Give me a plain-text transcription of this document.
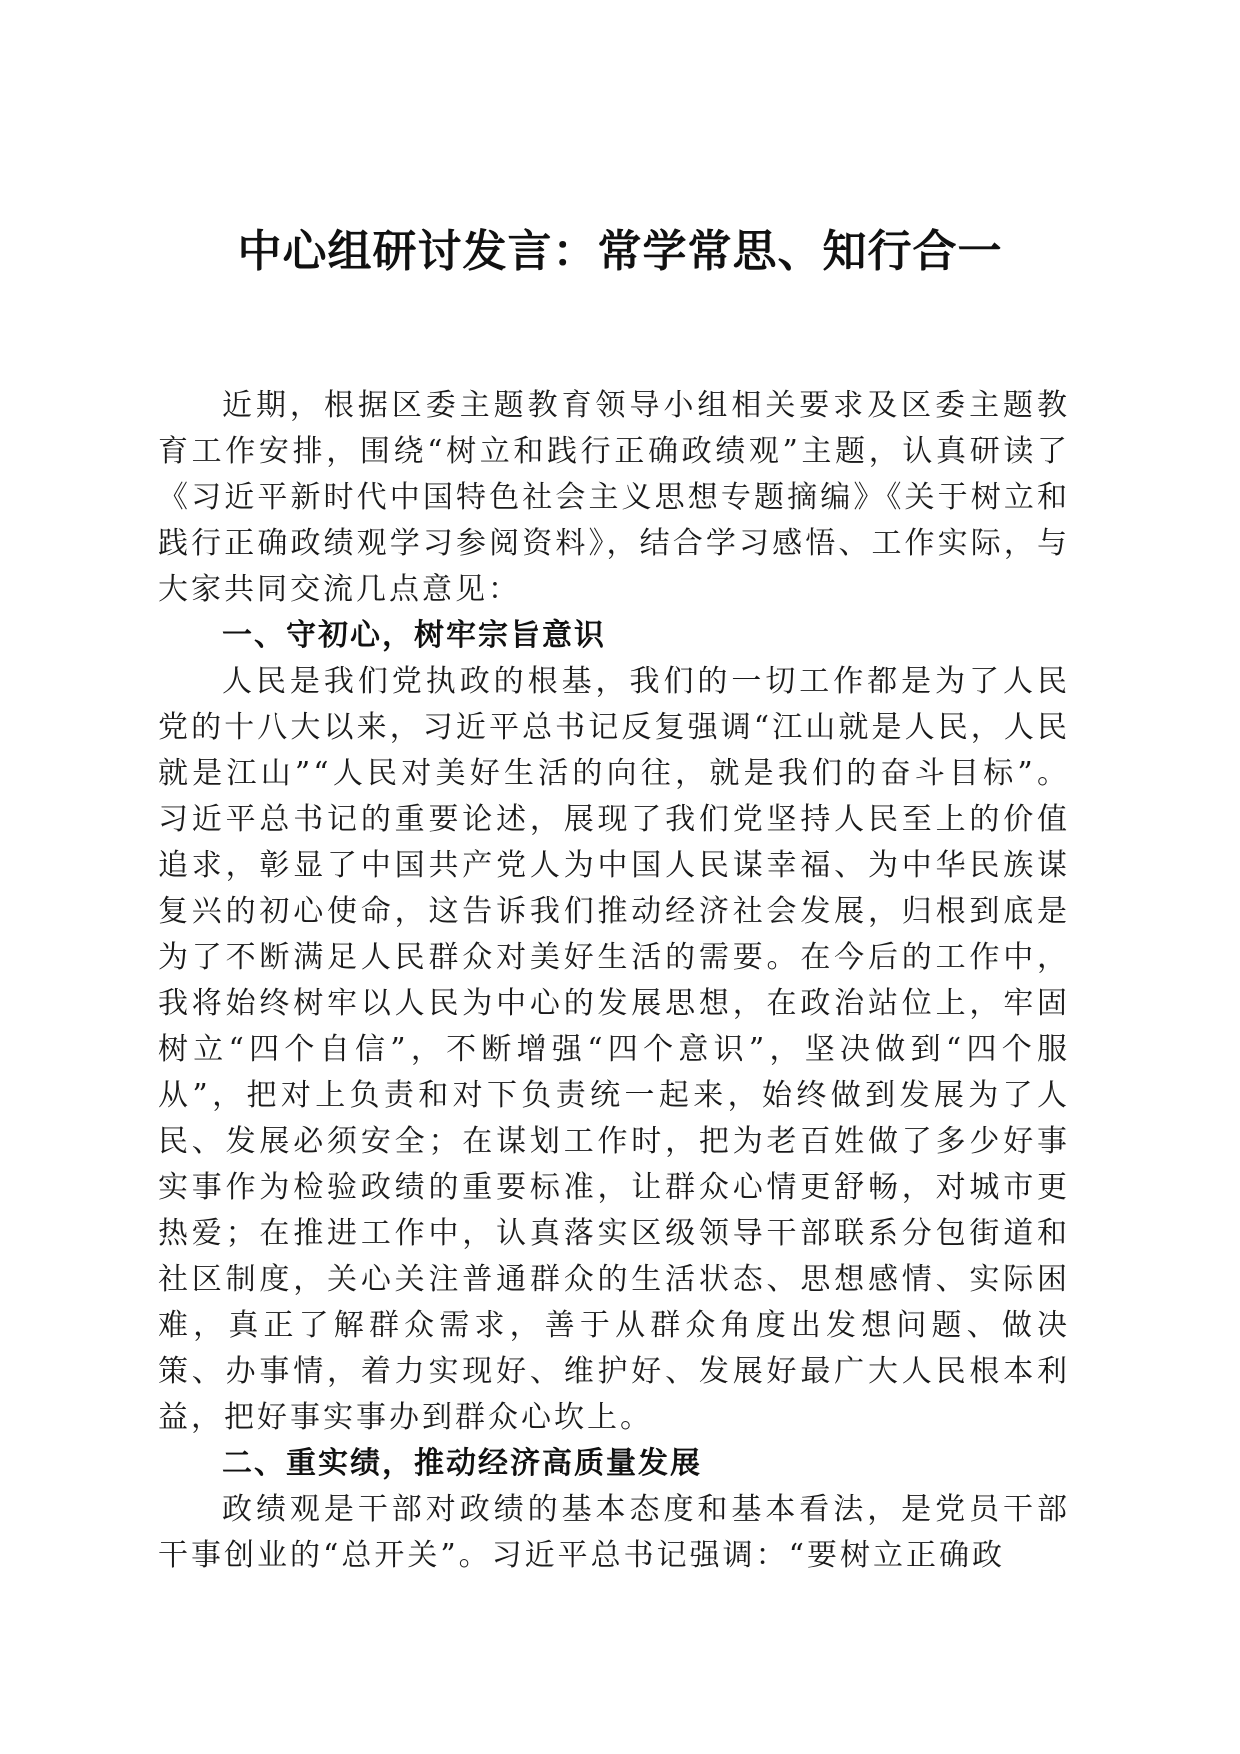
中心组研讨发言：常学常思、知行合一

近期，根据区委主题教育领导小组相关要求及区委主题教育工作安排，围绕“树立和践行正确政绩观”主题，认真研读了《习近平新时代中国特色社会主义思想专题摘编》《关于树立和践行正确政绩观学习参阅资料》，结合学习感悟、工作实际，与大家共同交流几点意见：

一、守初心，树牢宗旨意识

人民是我们党执政的根基，我们的一切工作都是为了人民党的十八大以来，习近平总书记反复强调“江山就是人民，人民就是江山”“人民对美好生活的向往，就是我们的奋斗目标”。习近平总书记的重要论述，展现了我们党坚持人民至上的价值追求，彰显了中国共产党人为中国人民谋幸福、为中华民族谋复兴的初心使命，这告诉我们推动经济社会发展，归根到底是为了不断满足人民群众对美好生活的需要。在今后的工作中，我将始终树牢以人民为中心的发展思想，在政治站位上，牢固树立“四个自信”，不断增强“四个意识”，坚决做到“四个服从”，把对上负责和对下负责统一起来，始终做到发展为了人民、发展必须安全；在谋划工作时，把为老百姓做了多少好事实事作为检验政绩的重要标准，让群众心情更舒畅，对城市更热爱；在推进工作中，认真落实区级领导干部联系分包街道和社区制度，关心关注普通群众的生活状态、思想感情、实际困难，真正了解群众需求，善于从群众角度出发想问题、做决策、办事情，着力实现好、维护好、发展好最广大人民根本利益，把好事实事办到群众心坎上。

二、重实绩，推动经济高质量发展

政绩观是干部对政绩的基本态度和基本看法，是党员干部干事创业的“总开关”。习近平总书记强调：“要树立正确政
